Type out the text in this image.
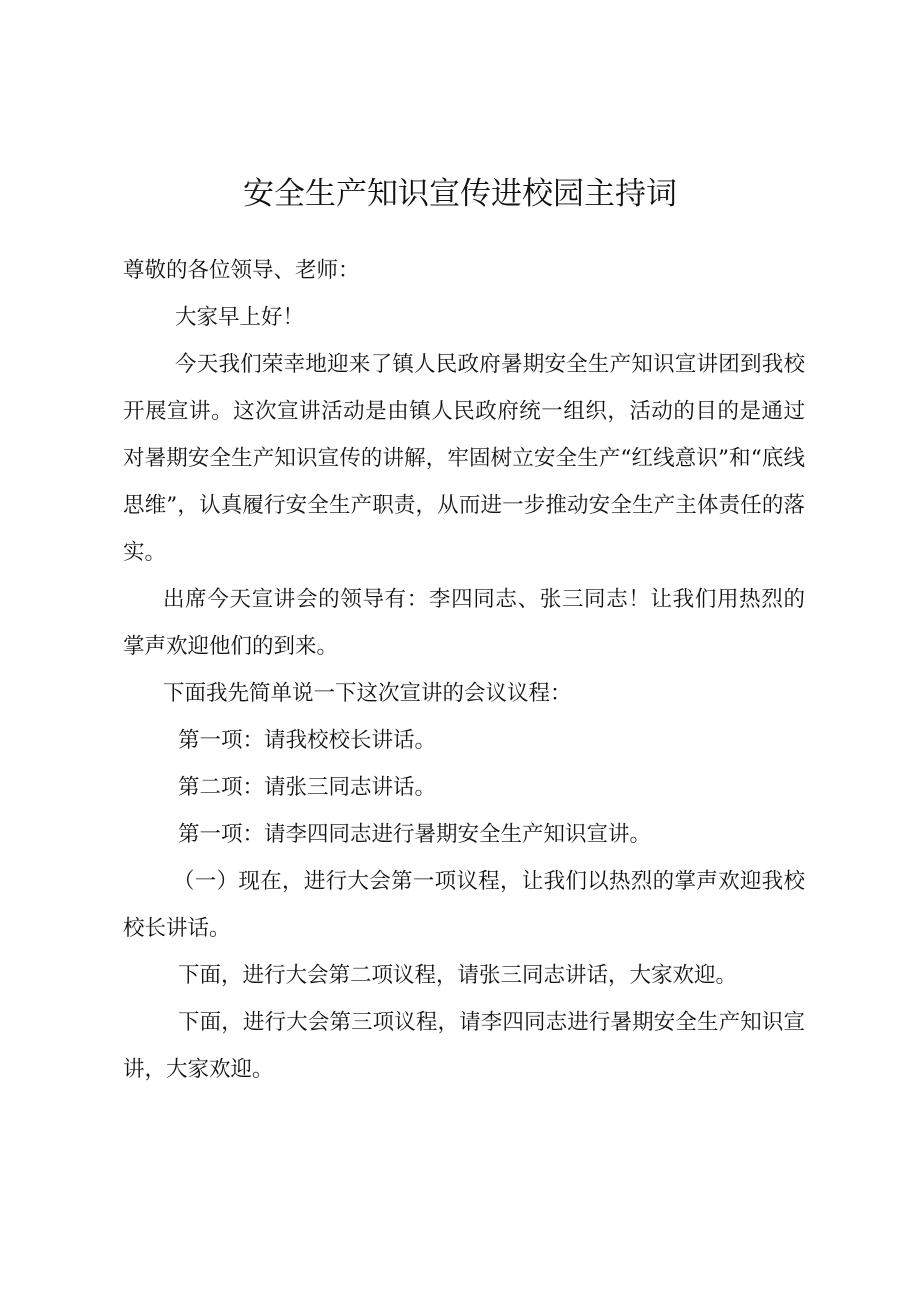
安全生产知识宣传进校园主持词

尊敬的各位领导、老师：

大家早上好！

今天我们荣幸地迎来了镇人民政府暑期安全生产知识宣讲团到我校开展宣讲。这次宣讲活动是由镇人民政府统一组织，活动的目的是通过对暑期安全生产知识宣传的讲解，牢固树立安全生产“红线意识”和“底线思维”，认真履行安全生产职责，从而进一步推动安全生产主体责任的落实。

出席今天宣讲会的领导有：李四同志、张三同志！让我们用热烈的掌声欢迎他们的到来。

下面我先简单说一下这次宣讲的会议议程：

第一项：请我校校长讲话。

第二项：请张三同志讲话。

第一项：请李四同志进行暑期安全生产知识宣讲。

（一）现在，进行大会第一项议程，让我们以热烈的掌声欢迎我校校长讲话。

下面，进行大会第二项议程，请张三同志讲话，大家欢迎。

下面，进行大会第三项议程，请李四同志进行暑期安全生产知识宣讲，大家欢迎。
